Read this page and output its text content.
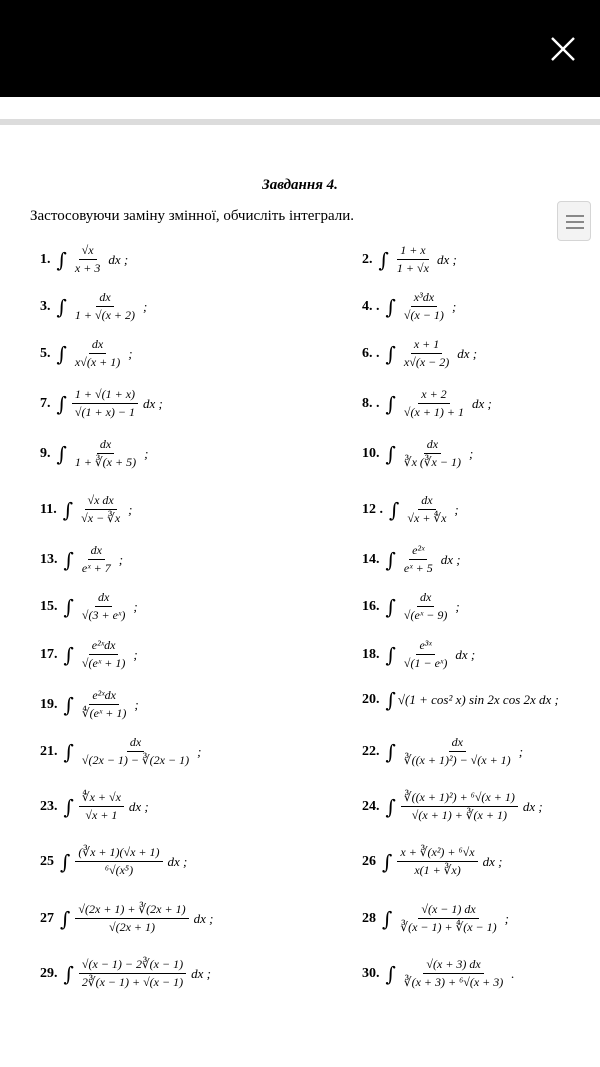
Завдання 4.
Застосовуючи заміну змінної, обчисліть інтеграли.
1. ∫ $\frac{√x}{x + 3}$ dx ;	2. ∫ $\frac{1 + x}{1 + √x}$ dx ;
3. ∫ $\frac{dx}{1 + √(x + 2)}$ ;	4. . ∫ $\frac{\text{x³dx}}{√(x - 1)}$ ;
5. ∫ $\frac{dx}{x√(x + 1)}$ ;	6. . ∫ $\frac{x + 1}{x√(x - 2)}$ dx ;
7. ∫ $\frac{1 + √(1 + x)}{√(1 + x) - 1}$ dx ;	8. . ∫ $\frac{x + 2}{√(x + 1) + 1}$ dx ;
9. ∫ $\frac{dx}{1 + ∛(x + 5)}$ ;	10. ∫ $\frac{dx}{∛x (∛x - 1)}$ ;
11. ∫ $\frac{\text{√x dx}}{√x - ∛x}$ ;	12 . ∫ $\frac{dx}{√x + ∜x}$ ;
13. ∫ $\frac{dx}{\text{eˣ + 7}}$ ;	14. ∫ $\frac{\text{e²ˣ}}{\text{eˣ + 5}}$ dx ;
15. ∫ $\frac{dx}{\text{√(3 + eˣ)}}$ ;	16. ∫ $\frac{dx}{\text{√(eˣ − 9)}}$ ;
17. ∫ $\frac{\text{e²ˣdx}}{\text{√(eˣ + 1)}}$ ;	18. ∫ $\frac{\text{e³ˣ}}{\text{√(1 − eˣ)}}$ dx ;
19. ∫ $\frac{\text{e²ˣdx}}{\text{∜(eˣ + 1)}}$ ;	20. ∫ √(1 + cos² x) sin 2x cos 2x dx ;
21. ∫ $\frac{dx}{√(2x - 1) - ∛(2x - 1)}$ ;	22. ∫ $\frac{dx}{\text{∛((x + 1)²) − √(x + 1)}}$ ;
23. ∫ $\frac{∜x + √x}{√x + 1}$ dx ;	24. ∫ $\frac{\text{∛((x + 1)²) + ⁶√(x + 1)}}{√(x + 1) + ∛(x + 1)}$ dx ;
25 ∫ $\frac{(∛x + 1)(√x + 1)}{\text{⁶√(x⁵)}}$ dx ;	26 ∫ $\frac{\text{x + ∛(x²) + ⁶√x}}{x(1 + ∛x)}$ dx ;
27 ∫ $\frac{√(2x + 1) + ∛(2x + 1)}{√(2x + 1)}$ dx ;	28 ∫ $\frac{√(x - 1) dx}{∛(x - 1) + ∜(x - 1)}$ ;
29. ∫ $\frac{√(x - 1) - 2∛(x - 1)}{2∛(x - 1) + √(x - 1)}$ dx ;	30. ∫ $\frac{√(x + 3) dx}{\text{∛(x + 3) + ⁶√(x + 3)}}$ .
